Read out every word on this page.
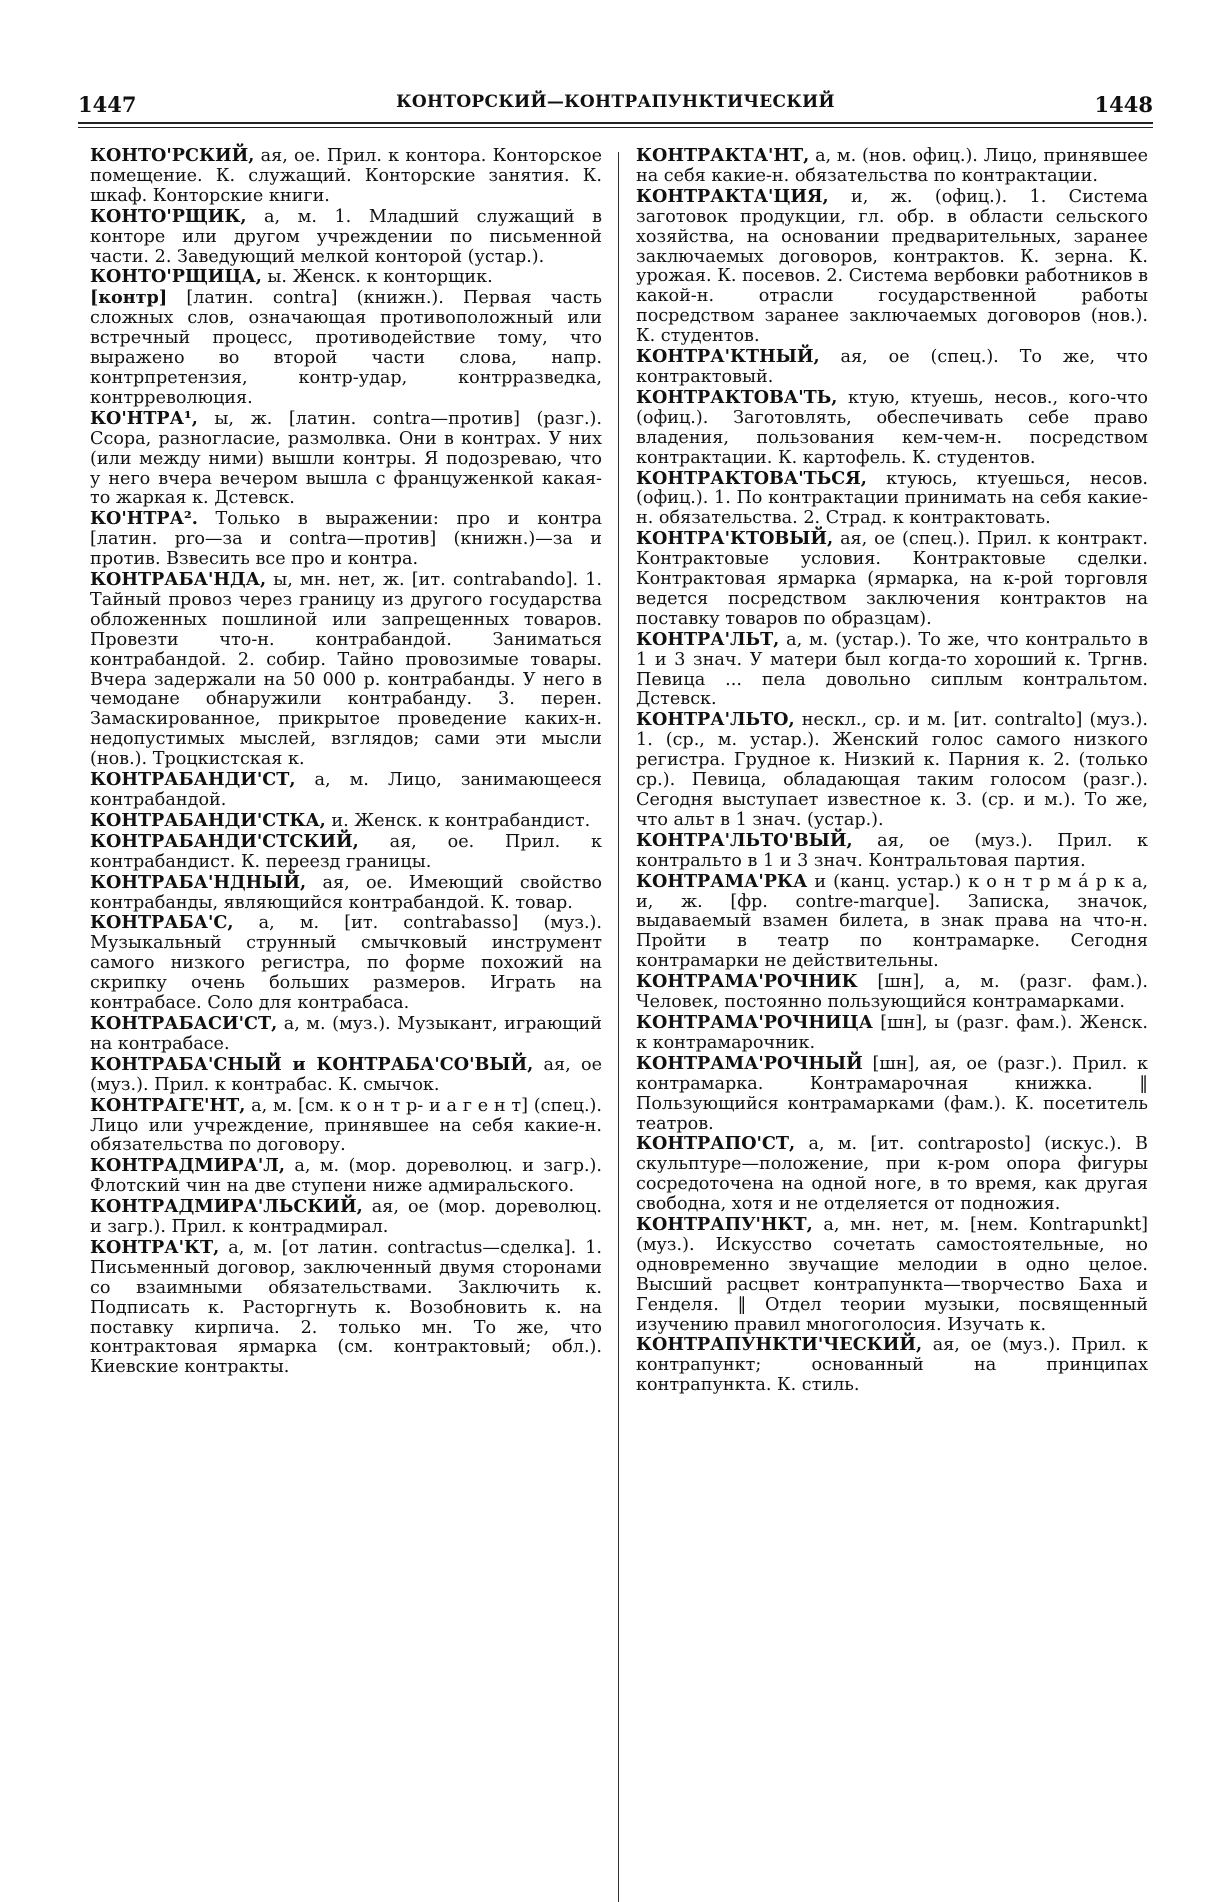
1447	КОНТОРСКИЙ—КОНТРАПУНКТИЧЕСКИЙ	1448

КОНТО'РСКИЙ, ая, ое. Прил. к контора. Конторское помещение. К. служащий. Конторские занятия. К. шкаф. Конторские книги.

КОНТО'РЩИК, а, м. 1. Младший служащий в конторе или другом учреждении по письменной части. 2. Заведующий мелкой конторой (устар.).

КОНТО'РЩИЦА, ы. Женск. к конторщик.

[контр] [латин. contra] (книжн.). Первая часть сложных слов, означающая противоположный или встречный процесс, противодействие тому, что выражено во второй части слова, напр. контрпретензия, контр-удар, контрразведка, контрреволюция.

КО'НТРА¹, ы, ж. [латин. contra—против] (разг.). Ссора, разногласие, размолвка. Они в контрах. У них (или между ними) вышли контры. Я подозреваю, что у него вчера вечером вышла с француженкой какая-то жаркая к. Дстевск.

КО'НТРА². Только в выражении: про и контра [латин. pro—за и contra—против] (книжн.)—за и против. Взвесить все про и контра.

КОНТРАБА'НДА, ы, мн. нет, ж. [ит. contrabando]. 1. Тайный провоз через границу из другого государства обложенных пошлиной или запрещенных товаров. Провезти что-н. контрабандой. Заниматься контрабандой. 2. собир. Тайно провозимые товары. Вчера задержали на 50 000 р. контрабанды. У него в чемодане обнаружили контрабанду. 3. перен. Замаскированное, прикрытое проведение каких-н. недопустимых мыслей, взглядов; сами эти мысли (нов.). Троцкистская к.

КОНТРАБАНДИ'СТ, а, м. Лицо, занимающееся контрабандой.

КОНТРАБАНДИ'СТКА, и. Женск. к контрабандист.

КОНТРАБАНДИ'СТСКИЙ, ая, ое. Прил. к контрабандист. К. переезд границы.

КОНТРАБА'НДНЫЙ, ая, ое. Имеющий свойство контрабанды, являющийся контрабандой. К. товар.

КОНТРАБА'С, а, м. [ит. contrabasso] (муз.). Музыкальный струнный смычковый инструмент самого низкого регистра, по форме похожий на скрипку очень больших размеров. Играть на контрабасе. Соло для контрабаса.

КОНТРАБАСИ'СТ, а, м. (муз.). Музыкант, играющий на контрабасе.

КОНТРАБА'СНЫЙ и КОНТРАБА'СО'ВЫЙ, ая, ое (муз.). Прил. к контрабас. К. смычок.

КОНТРАГЕ'НТ, а, м. [см. к о н т р- и а г е н т] (спец.). Лицо или учреждение, принявшее на себя какие-н. обязательства по договору.

КОНТРАДМИРА'Л, а, м. (мор. дореволюц. и загр.). Флотский чин на две ступени ниже адмиральского.

КОНТРАДМИРА'ЛЬСКИЙ, ая, ое (мор. дореволюц. и загр.). Прил. к контрадмирал.

КОНТРА'КТ, а, м. [от латин. contractus—сделка]. 1. Письменный договор, заключенный двумя сторонами со взаимными обязательствами. Заключить к. Подписать к. Расторгнуть к. Возобновить к. на поставку кирпича. 2. только мн. То же, что контрактовая ярмарка (см. контрактовый; обл.). Киевские контракты.

КОНТРАКТА'НТ, а, м. (нов. офиц.). Лицо, принявшее на себя какие-н. обязательства по контрактации.

КОНТРАКТА'ЦИЯ, и, ж. (офиц.). 1. Система заготовок продукции, гл. обр. в области сельского хозяйства, на основании предварительных, заранее заключаемых договоров, контрактов. К. зерна. К. урожая. К. посевов. 2. Система вербовки работников в какой-н. отрасли государственной работы посредством заранее заключаемых договоров (нов.). К. студентов.

КОНТРА'КТНЫЙ, ая, ое (спец.). То же, что контрактовый.

КОНТРАКТОВА'ТЬ, ктую, ктуешь, несов., кого-что (офиц.). Заготовлять, обеспечивать себе право владения, пользования кем-чем-н. посредством контрактации. К. картофель. К. студентов.

КОНТРАКТОВА'ТЬСЯ, ктуюсь, ктуешься, несов. (офиц.). 1. По контрактации принимать на себя какие-н. обязательства. 2. Страд. к контрактовать.

КОНТРА'КТОВЫЙ, ая, ое (спец.). Прил. к контракт. Контрактовые условия. Контрактовые сделки. Контрактовая ярмарка (ярмарка, на к-рой торговля ведется посредством заключения контрактов на поставку товаров по образцам).

КОНТРА'ЛЬТ, а, м. (устар.). То же, что контральто в 1 и 3 знач. У матери был когда-то хороший к. Тргнв. Певица ... пела довольно сиплым контральтом. Дстевск.

КОНТРА'ЛЬТО, нескл., ср. и м. [ит. contralto] (муз.). 1. (ср., м. устар.). Женский голос самого низкого регистра. Грудное к. Низкий к. Парния к. 2. (только ср.). Певица, обладающая таким голосом (разг.). Сегодня выступает известное к. 3. (ср. и м.). То же, что альт в 1 знач. (устар.).

КОНТРА'ЛЬТО'ВЫЙ, ая, ое (муз.). Прил. к контральто в 1 и 3 знач. Контральтовая партия.

КОНТРАМА'РКА и (канц. устар.) к о н т р м á р к а, и, ж. [фр. contre-marque]. Записка, значок, выдаваемый взамен билета, в знак права на что-н. Пройти в театр по контрамарке. Сегодня контрамарки не действительны.

КОНТРАМА'РОЧНИК [шн], а, м. (разг. фам.). Человек, постоянно пользующийся контрамарками.

КОНТРАМА'РОЧНИЦА [шн], ы (разг. фам.). Женск. к контрамарочник.

КОНТРАМА'РОЧНЫЙ [шн], ая, ое (разг.). Прил. к контрамарка. Контрамарочная книжка. ‖ Пользующийся контрамарками (фам.). К. посетитель театров.

КОНТРАПО'СТ, а, м. [ит. contraposto] (искус.). В скульптуре—положение, при к-ром опора фигуры сосредоточена на одной ноге, в то время, как другая свободна, хотя и не отделяется от подножия.

КОНТРАПУ'НКТ, а, мн. нет, м. [нем. Kontrapunkt] (муз.). Искусство сочетать самостоятельные, но одновременно звучащие мелодии в одно целое. Высший расцвет контрапункта—творчество Баха и Генделя. ‖ Отдел теории музыки, посвященный изучению правил многоголосия. Изучать к.

КОНТРАПУНКТИ'ЧЕСКИЙ, ая, ое (муз.). Прил. к контрапункт; основанный на принципах контрапункта. К. стиль.
